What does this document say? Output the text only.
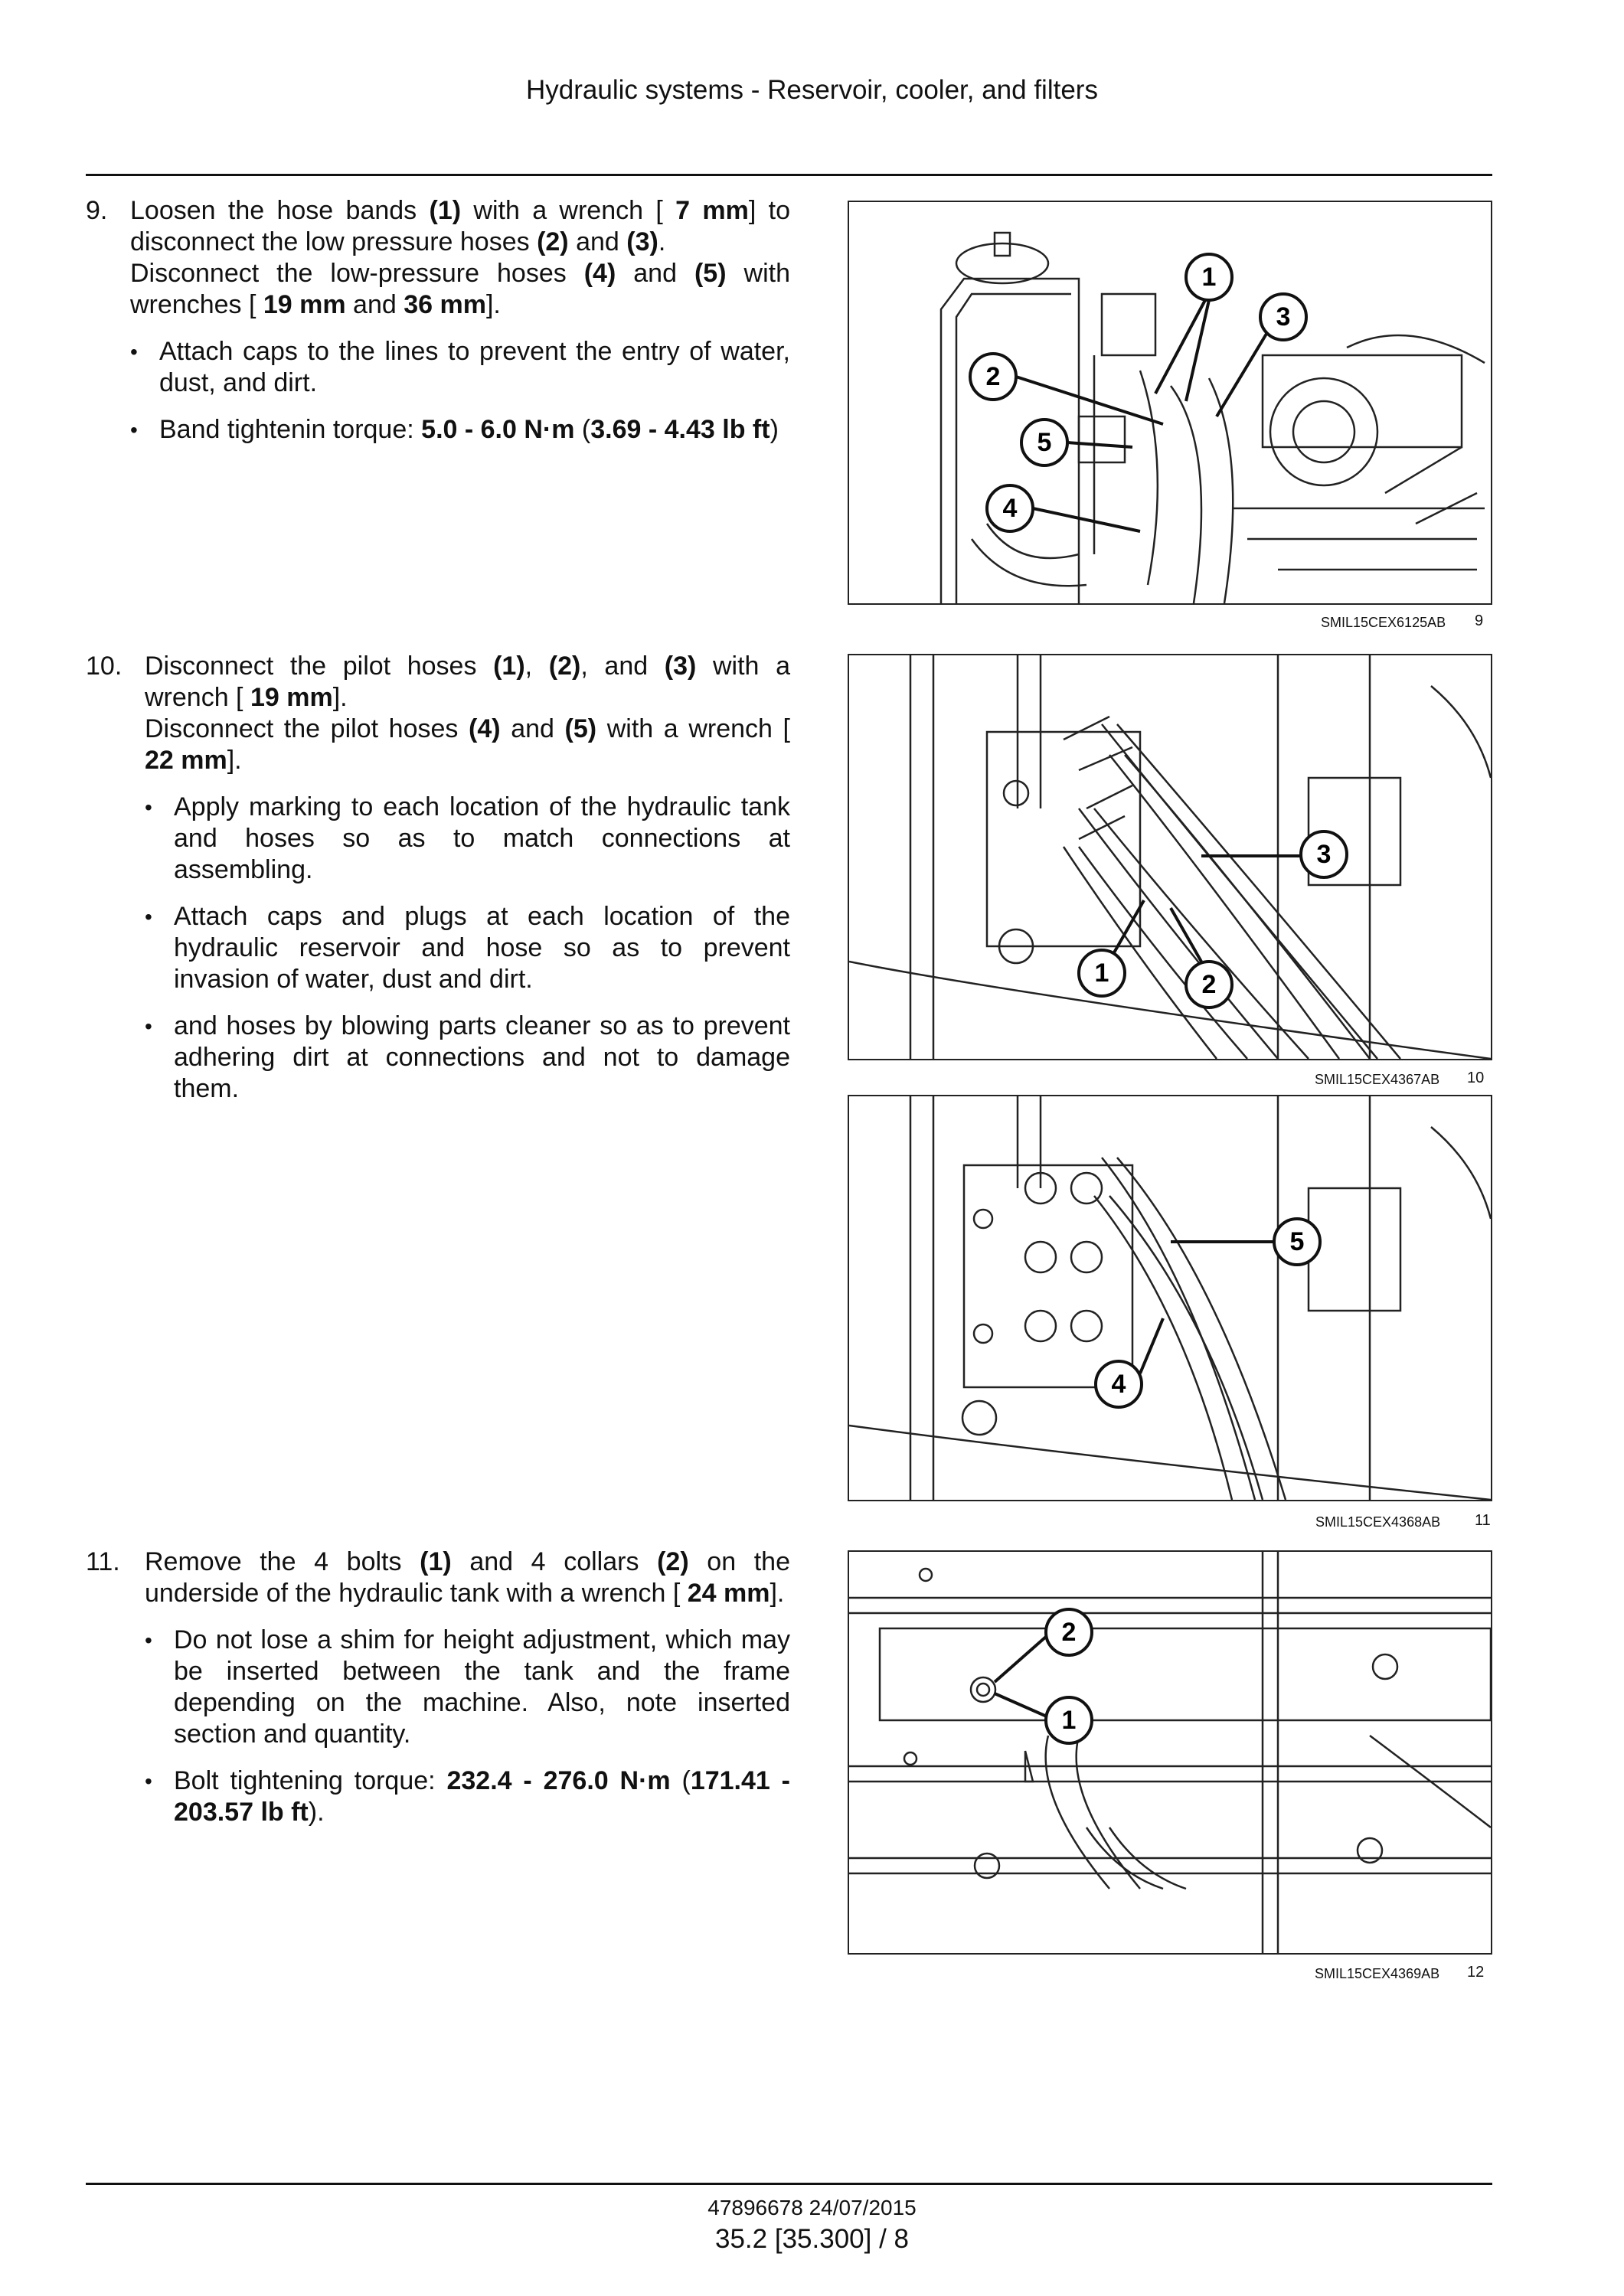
Hydraulic systems - Reservoir, cooler, and filters
9. Loosen the hose bands (1) with a wrench [ 7 mm] to disconnect the low pressure hoses (2) and (3).

Disconnect the low-pressure hoses (4) and (5) with wrenches [ 19 mm and 36 mm].

• Attach caps to the lines to prevent the entry of water, dust, and dirt.
• Band tightenin torque: 5.0 - 6.0 N·m (3.69 - 4.43 lb ft)
1
2
3
4
5
SMIL15CEX6125AB 9
10. Disconnect the pilot hoses (1), (2), and (3) with a wrench [ 19 mm].

Disconnect the pilot hoses (4) and (5) with a wrench [ 22 mm].

• Apply marking to each location of the hydraulic tank and hoses so as to match connections at assembling.
• Attach caps and plugs at each location of the hydraulic reservoir and hose so as to prevent invasion of water, dust and dirt.
• and hoses by blowing parts cleaner so as to prevent adhering dirt at connections and not to damage them.
1	2
3
SMIL15CEX4367AB 10
4
5
SMIL15CEX4368AB 11
11. Remove the 4 bolts (1) and 4 collars (2) on the underside of the hydraulic tank with a wrench [ 24 mm].

• Do not lose a shim for height adjustment, which may be inserted between the tank and the frame depending on the machine. Also, note inserted section and quantity.
• Bolt tightening torque: 232.4 - 276.0 N·m (171.41 - 203.57 lb ft).
2
1
SMIL15CEX4369AB 12
47896678 24/07/2015
35.2 [35.300] / 8
